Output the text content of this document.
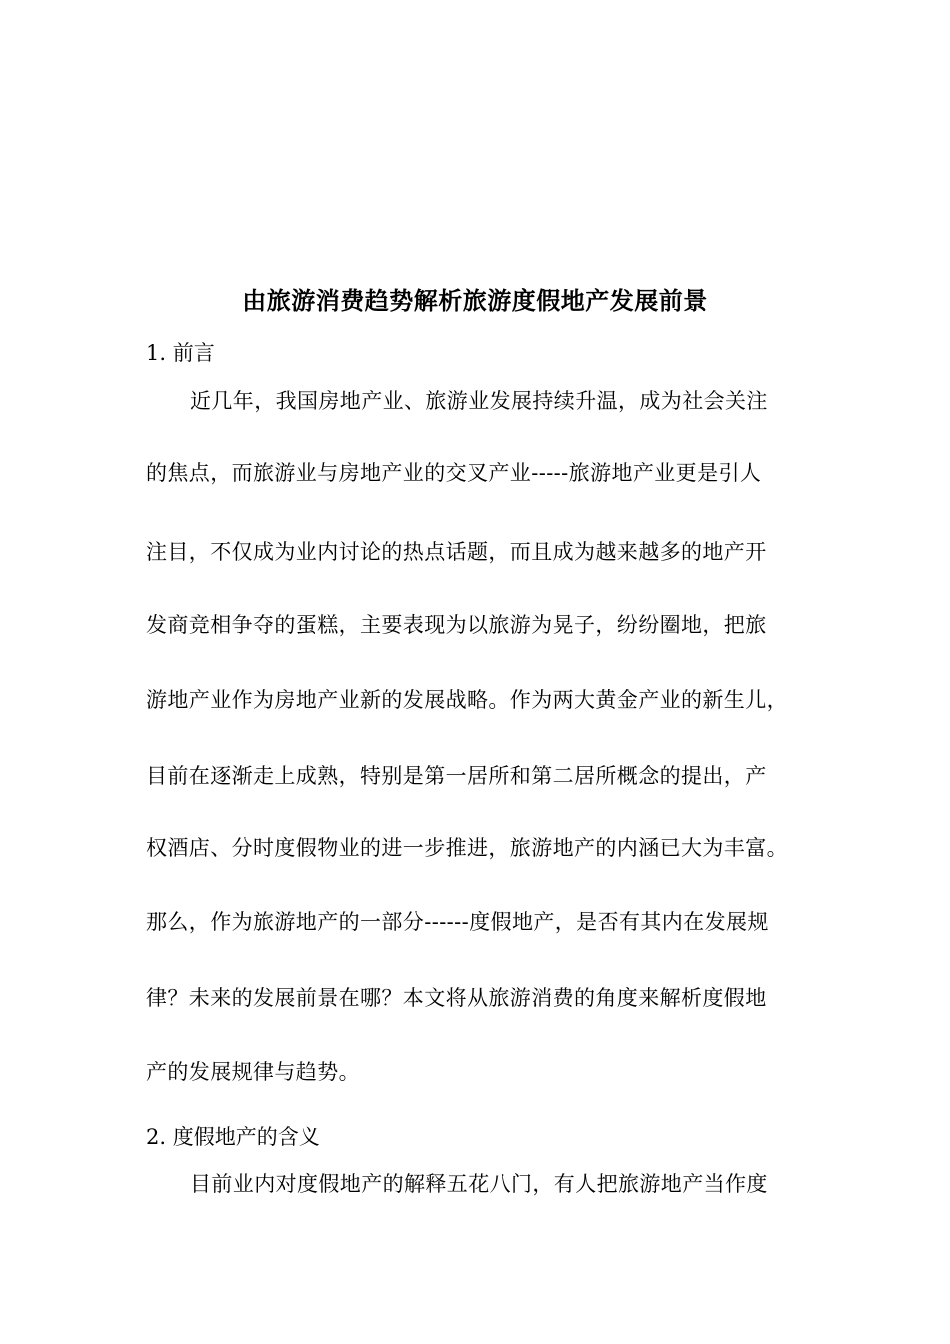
由旅游消费趋势解析旅游度假地产发展前景

1. 前言

近几年，我国房地产业、旅游业发展持续升温，成为社会关注

的焦点，而旅游业与房地产业的交叉产业-----旅游地产业更是引人

注目，不仅成为业内讨论的热点话题，而且成为越来越多的地产开

发商竞相争夺的蛋糕，主要表现为以旅游为晃子，纷纷圈地，把旅

游地产业作为房地产业新的发展战略。作为两大黄金产业的新生儿，

目前在逐渐走上成熟，特别是第一居所和第二居所概念的提出，产

权酒店、分时度假物业的进一步推进，旅游地产的内涵已大为丰富。

那么，作为旅游地产的一部分------度假地产，是否有其内在发展规

律？未来的发展前景在哪？本文将从旅游消费的角度来解析度假地

产的发展规律与趋势。

2. 度假地产的含义

目前业内对度假地产的解释五花八门，有人把旅游地产当作度
